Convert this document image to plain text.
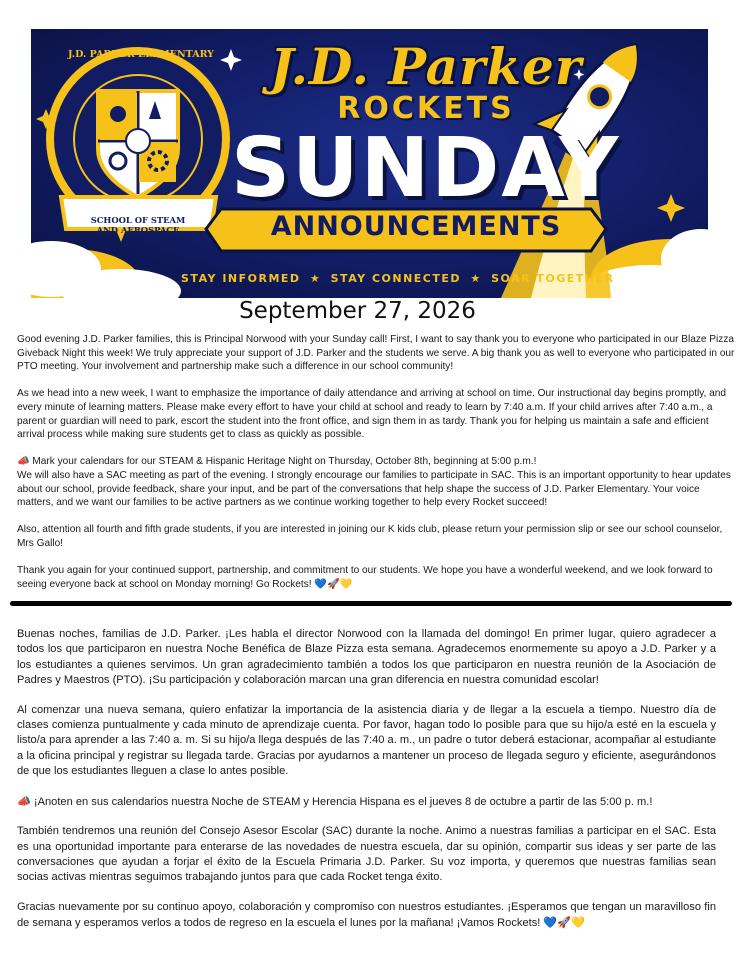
J.D. PARKER ELEMENTARY J.D. Parker
ROCKETS
SUNDAY
ANNOUNCEMENTS
SCHOOL OF STEAM AND AEROSPACE
STAY INFORMED ★ STAY CONNECTED ★ SOAR TOGETHER
September 27, 2026

Good evening J.D. Parker families, this is Principal Norwood with your Sunday call! First, I want to say thank you to everyone who participated in our Blaze Pizza Giveback Night this week! We truly appreciate your support of J.D. Parker and the students we serve. A big thank you as well to everyone who participated in our PTO meeting. Your involvement and partnership make such a difference in our school community!

As we head into a new week, I want to emphasize the importance of daily attendance and arriving at school on time. Our instructional day begins promptly, and every minute of learning matters. Please make every effort to have your child at school and ready to learn by 7:40 a.m. If your child arrives after 7:40 a.m., a parent or guardian will need to park, escort the student into the front office, and sign them in as tardy. Thank you for helping us maintain a safe and efficient arrival process while making sure students get to class as quickly as possible.

📣 Mark your calendars for our STEAM & Hispanic Heritage Night on Thursday, October 8th, beginning at 5:00 p.m.!
We will also have a SAC meeting as part of the evening. I strongly encourage our families to participate in SAC. This is an important opportunity to hear updates about our school, provide feedback, share your input, and be part of the conversations that help shape the success of J.D. Parker Elementary. Your voice matters, and we want our families to be active partners as we continue working together to help every Rocket succeed!

Also, attention all fourth and fifth grade students, if you are interested in joining our K kids club, please return your permission slip or see our school counselor, Mrs Gallo!

Thank you again for your continued support, partnership, and commitment to our students. We hope you have a wonderful weekend, and we look forward to seeing everyone back at school on Monday morning! Go Rockets! 💙🚀💛

Buenas noches, familias de J.D. Parker. ¡Les habla el director Norwood con la llamada del domingo! En primer lugar, quiero agradecer a todos los que participaron en nuestra Noche Benéfica de Blaze Pizza esta semana. Agradecemos enormemente su apoyo a J.D. Parker y a los estudiantes a quienes servimos. Un gran agradecimiento también a todos los que participaron en nuestra reunión de la Asociación de Padres y Maestros (PTO). ¡Su participación y colaboración marcan una gran diferencia en nuestra comunidad escolar!

Al comenzar una nueva semana, quiero enfatizar la importancia de la asistencia diaria y de llegar a la escuela a tiempo. Nuestro día de clases comienza puntualmente y cada minuto de aprendizaje cuenta. Por favor, hagan todo lo posible para que su hijo/a esté en la escuela y listo/a para aprender a las 7:40 a. m. Si su hijo/a llega después de las 7:40 a. m., un padre o tutor deberá estacionar, acompañar al estudiante a la oficina principal y registrar su llegada tarde. Gracias por ayudarnos a mantener un proceso de llegada seguro y eficiente, asegurándonos de que los estudiantes lleguen a clase lo antes posible.

📣 ¡Anoten en sus calendarios nuestra Noche de STEAM y Herencia Hispana es el jueves 8 de octubre a partir de las 5:00 p. m.!

También tendremos una reunión del Consejo Asesor Escolar (SAC) durante la noche. Animo a nuestras familias a participar en el SAC. Esta es una oportunidad importante para enterarse de las novedades de nuestra escuela, dar su opinión, compartir sus ideas y ser parte de las conversaciones que ayudan a forjar el éxito de la Escuela Primaria J.D. Parker. Su voz importa, y queremos que nuestras familias sean socias activas mientras seguimos trabajando juntos para que cada Rocket tenga éxito.

Gracias nuevamente por su continuo apoyo, colaboración y compromiso con nuestros estudiantes. ¡Esperamos que tengan un maravilloso fin de semana y esperamos verlos a todos de regreso en la escuela el lunes por la mañana! ¡Vamos Rockets! 💙🚀💛
